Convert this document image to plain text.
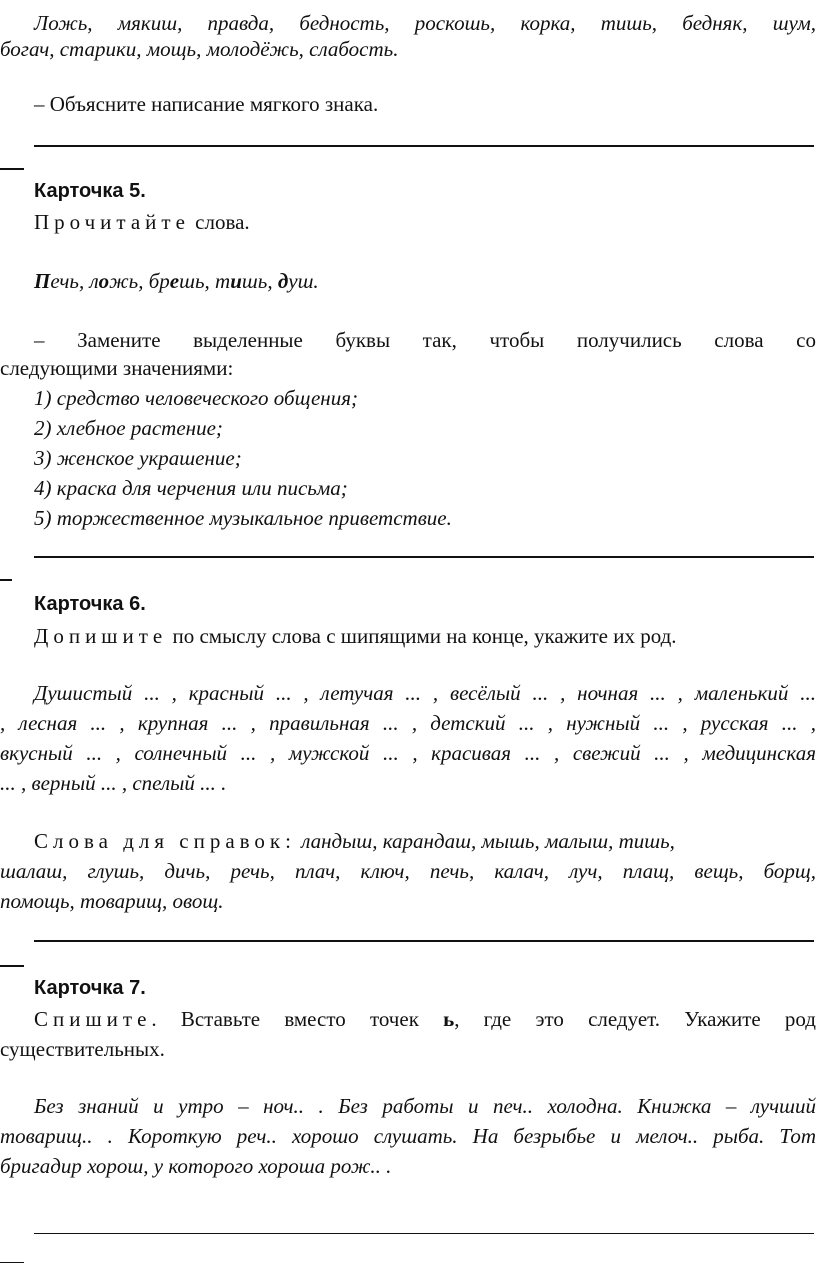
Ложь, мякиш, правда, бедность, роскошь, корка, тишь, бедняк, шум,
богач, старики, мощь, молодёжь, слабость.
– Объясните написание мягкого знака.
Карточка 5.
Прочитайте слова.
Печь, ложь, брешь, тишь, душ.
– Замените выделенные буквы так, чтобы получились слова со
следующими значениями:
1) средство человеческого общения;
2) хлебное растение;
3) женское украшение;
4) краска для черчения или письма;
5) торжественное музыкальное приветствие.
Карточка 6.
Допишите по смыслу слова с шипящими на конце, укажите их род.
Душистый ... , красный ... , летучая ... , весёлый ... , ночная ... , маленький ...
, лесная ... , крупная ... , правильная ... , детский ... , нужный ... , русская ... ,
вкусный ... , солнечный ... , мужской ... , красивая ... , свежий ... , медицинская
... , верный ... , спелый ... .
Слова для справок: ландыш, карандаш, мышь, малыш, тишь,
шалаш, глушь, дичь, речь, плач, ключ, печь, калач, луч, плащ, вещь, борщ,
помощь, товарищ, овощ.
Карточка 7.
Спишите. Вставьте вместо точек ь, где это следует. Укажите род
существительных.
Без знаний и утро – ноч.. . Без работы и печ.. холодна. Книжка – лучший
товарищ.. . Короткую реч.. хорошо слушать. На безрыбье и мелоч.. рыба. Тот
бригадир хорош, у которого хороша рож.. .
